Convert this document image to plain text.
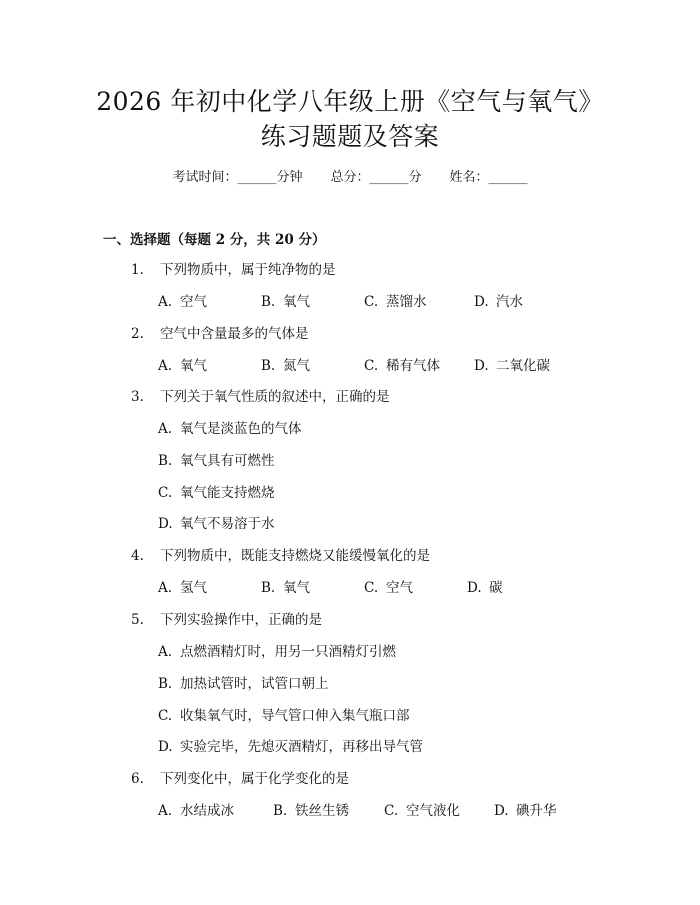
2026 年初中化学八年级上册《空气与氧气》
练习题题及答案
考试时间：______分钟 总分：______分 姓名：______
一、选择题（每题 2 分，共 20 分）
1. 下列物质中，属于纯净物的是
A. 空气	B. 氧气	C. 蒸馏水	D. 汽水
2. 空气中含量最多的气体是
A. 氧气	B. 氮气	C. 稀有气体	D. 二氧化碳
3. 下列关于氧气性质的叙述中，正确的是
A. 氧气是淡蓝色的气体
B. 氧气具有可燃性
C. 氧气能支持燃烧
D. 氧气不易溶于水
4. 下列物质中，既能支持燃烧又能缓慢氧化的是
A. 氢气	B. 氧气	C. 空气	D. 碳
5. 下列实验操作中，正确的是
A. 点燃酒精灯时，用另一只酒精灯引燃
B. 加热试管时，试管口朝上
C. 收集氧气时，导气管口伸入集气瓶口部
D. 实验完毕，先熄灭酒精灯，再移出导气管
6. 下列变化中，属于化学变化的是
A. 水结成冰	B. 铁丝生锈	C. 空气液化	D. 碘升华
